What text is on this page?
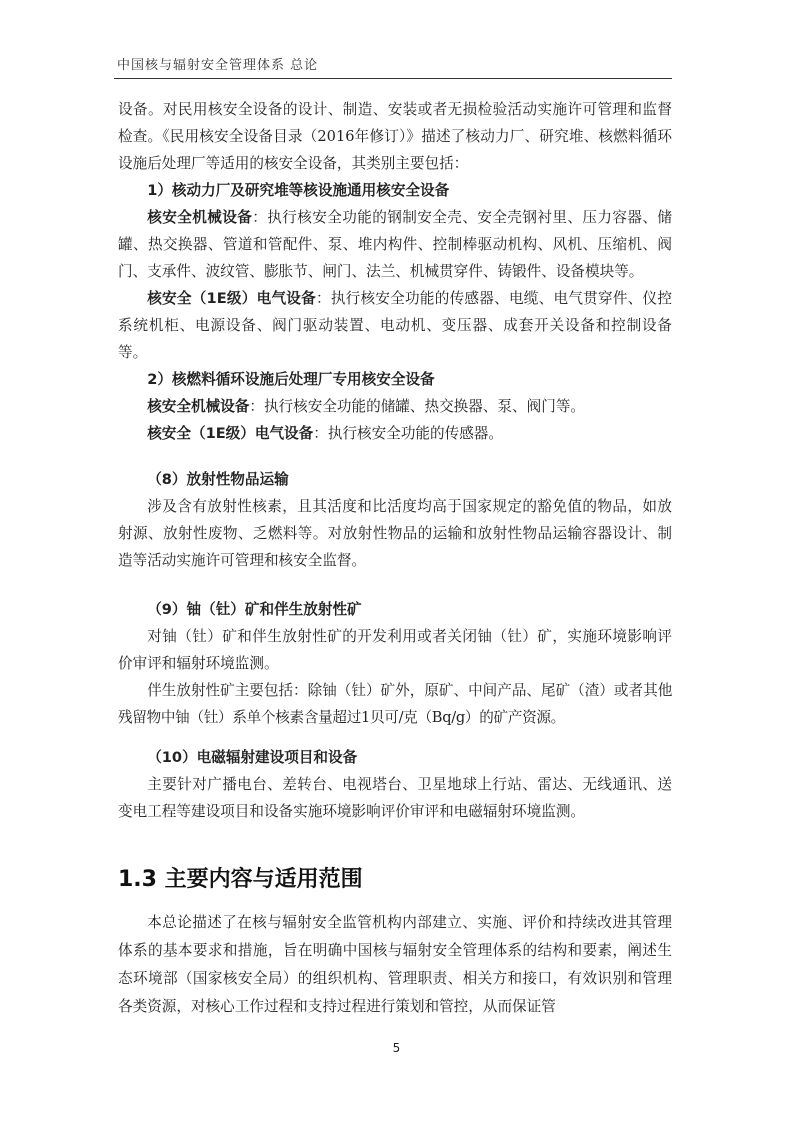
中国核与辐射安全管理体系 总论

设备。对民用核安全设备的设计、制造、安装或者无损检验活动实施许可管理和监督检查。《民用核安全设备目录（2016年修订）》描述了核动力厂、研究堆、核燃料循环设施后处理厂等适用的核安全设备，其类别主要包括：

1）核动力厂及研究堆等核设施通用核安全设备

核安全机械设备：执行核安全功能的钢制安全壳、安全壳钢衬里、压力容器、储罐、热交换器、管道和管配件、泵、堆内构件、控制棒驱动机构、风机、压缩机、阀门、支承件、波纹管、膨胀节、闸门、法兰、机械贯穿件、铸锻件、设备模块等。

核安全（1E级）电气设备：执行核安全功能的传感器、电缆、电气贯穿件、仪控系统机柜、电源设备、阀门驱动装置、电动机、变压器、成套开关设备和控制设备等。

2）核燃料循环设施后处理厂专用核安全设备

核安全机械设备：执行核安全功能的储罐、热交换器、泵、阀门等。

核安全（1E级）电气设备：执行核安全功能的传感器。

（8）放射性物品运输

涉及含有放射性核素，且其活度和比活度均高于国家规定的豁免值的物品，如放射源、放射性废物、乏燃料等。对放射性物品的运输和放射性物品运输容器设计、制造等活动实施许可管理和核安全监督。

（9）铀（钍）矿和伴生放射性矿

对铀（钍）矿和伴生放射性矿的开发利用或者关闭铀（钍）矿，实施环境影响评价审评和辐射环境监测。

伴生放射性矿主要包括：除铀（钍）矿外，原矿、中间产品、尾矿（渣）或者其他残留物中铀（钍）系单个核素含量超过1贝可/克（Bq/g）的矿产资源。

（10）电磁辐射建设项目和设备

主要针对广播电台、差转台、电视塔台、卫星地球上行站、雷达、无线通讯、送变电工程等建设项目和设备实施环境影响评价审评和电磁辐射环境监测。

1.3 主要内容与适用范围

本总论描述了在核与辐射安全监管机构内部建立、实施、评价和持续改进其管理体系的基本要求和措施，旨在明确中国核与辐射安全管理体系的结构和要素，阐述生态环境部（国家核安全局）的组织机构、管理职责、相关方和接口，有效识别和管理各类资源，对核心工作过程和支持过程进行策划和管控，从而保证管

5
